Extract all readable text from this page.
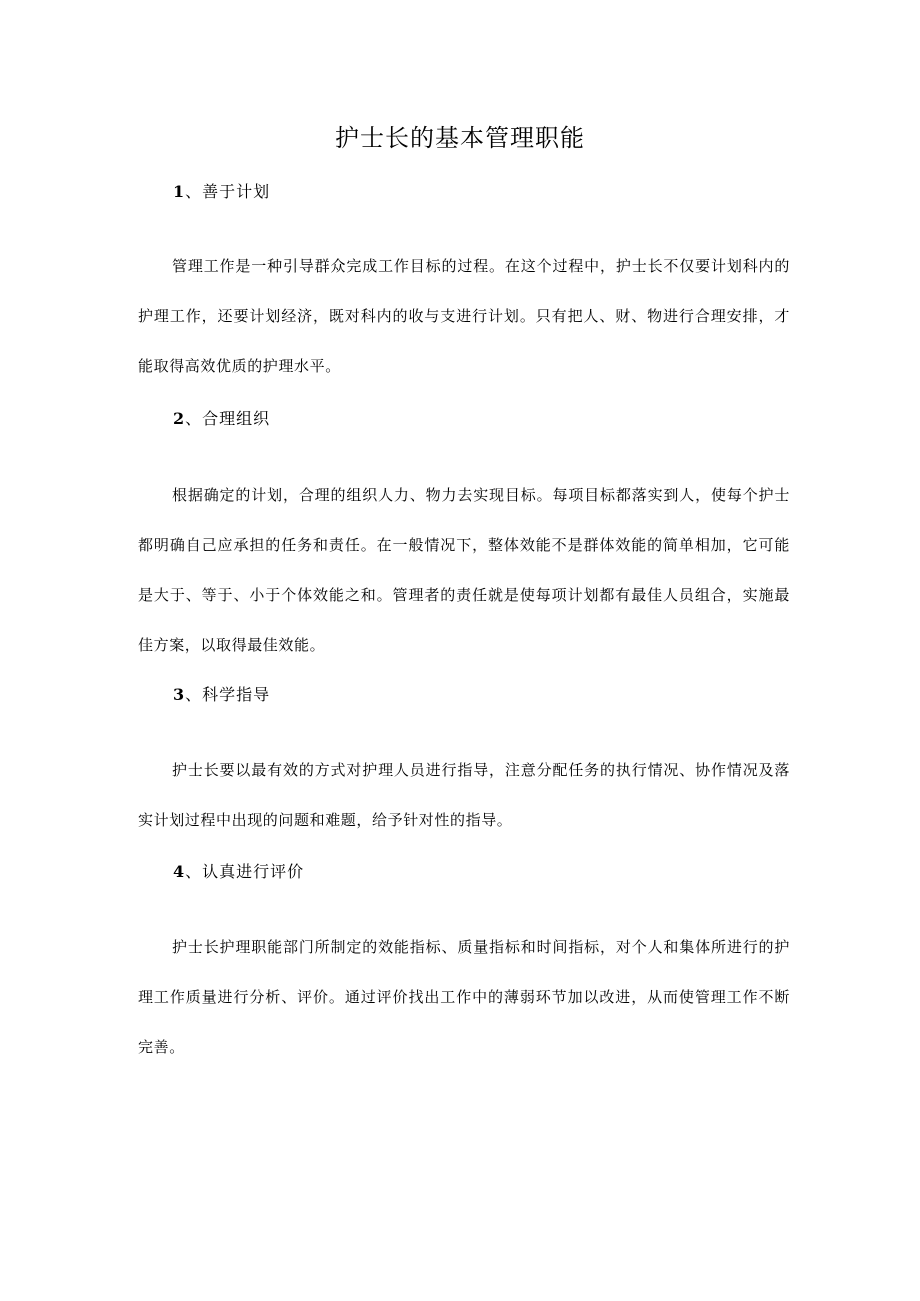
护士长的基本管理职能
1、善于计划

管理工作是一种引导群众完成工作目标的过程。在这个过程中，护士长不仅要计划科内的护理工作，还要计划经济，既对科内的收与支进行计划。只有把人、财、物进行合理安排，才能取得高效优质的护理水平。

2、合理组织

根据确定的计划，合理的组织人力、物力去实现目标。每项目标都落实到人，使每个护士都明确自己应承担的任务和责任。在一般情况下，整体效能不是群体效能的简单相加，它可能是大于、等于、小于个体效能之和。管理者的责任就是使每项计划都有最佳人员组合，实施最佳方案，以取得最佳效能。

3、科学指导

护士长要以最有效的方式对护理人员进行指导，注意分配任务的执行情况、协作情况及落实计划过程中出现的问题和难题，给予针对性的指导。

4、认真进行评价

护士长护理职能部门所制定的效能指标、质量指标和时间指标，对个人和集体所进行的护理工作质量进行分析、评价。通过评价找出工作中的薄弱环节加以改进，从而使管理工作不断完善。
